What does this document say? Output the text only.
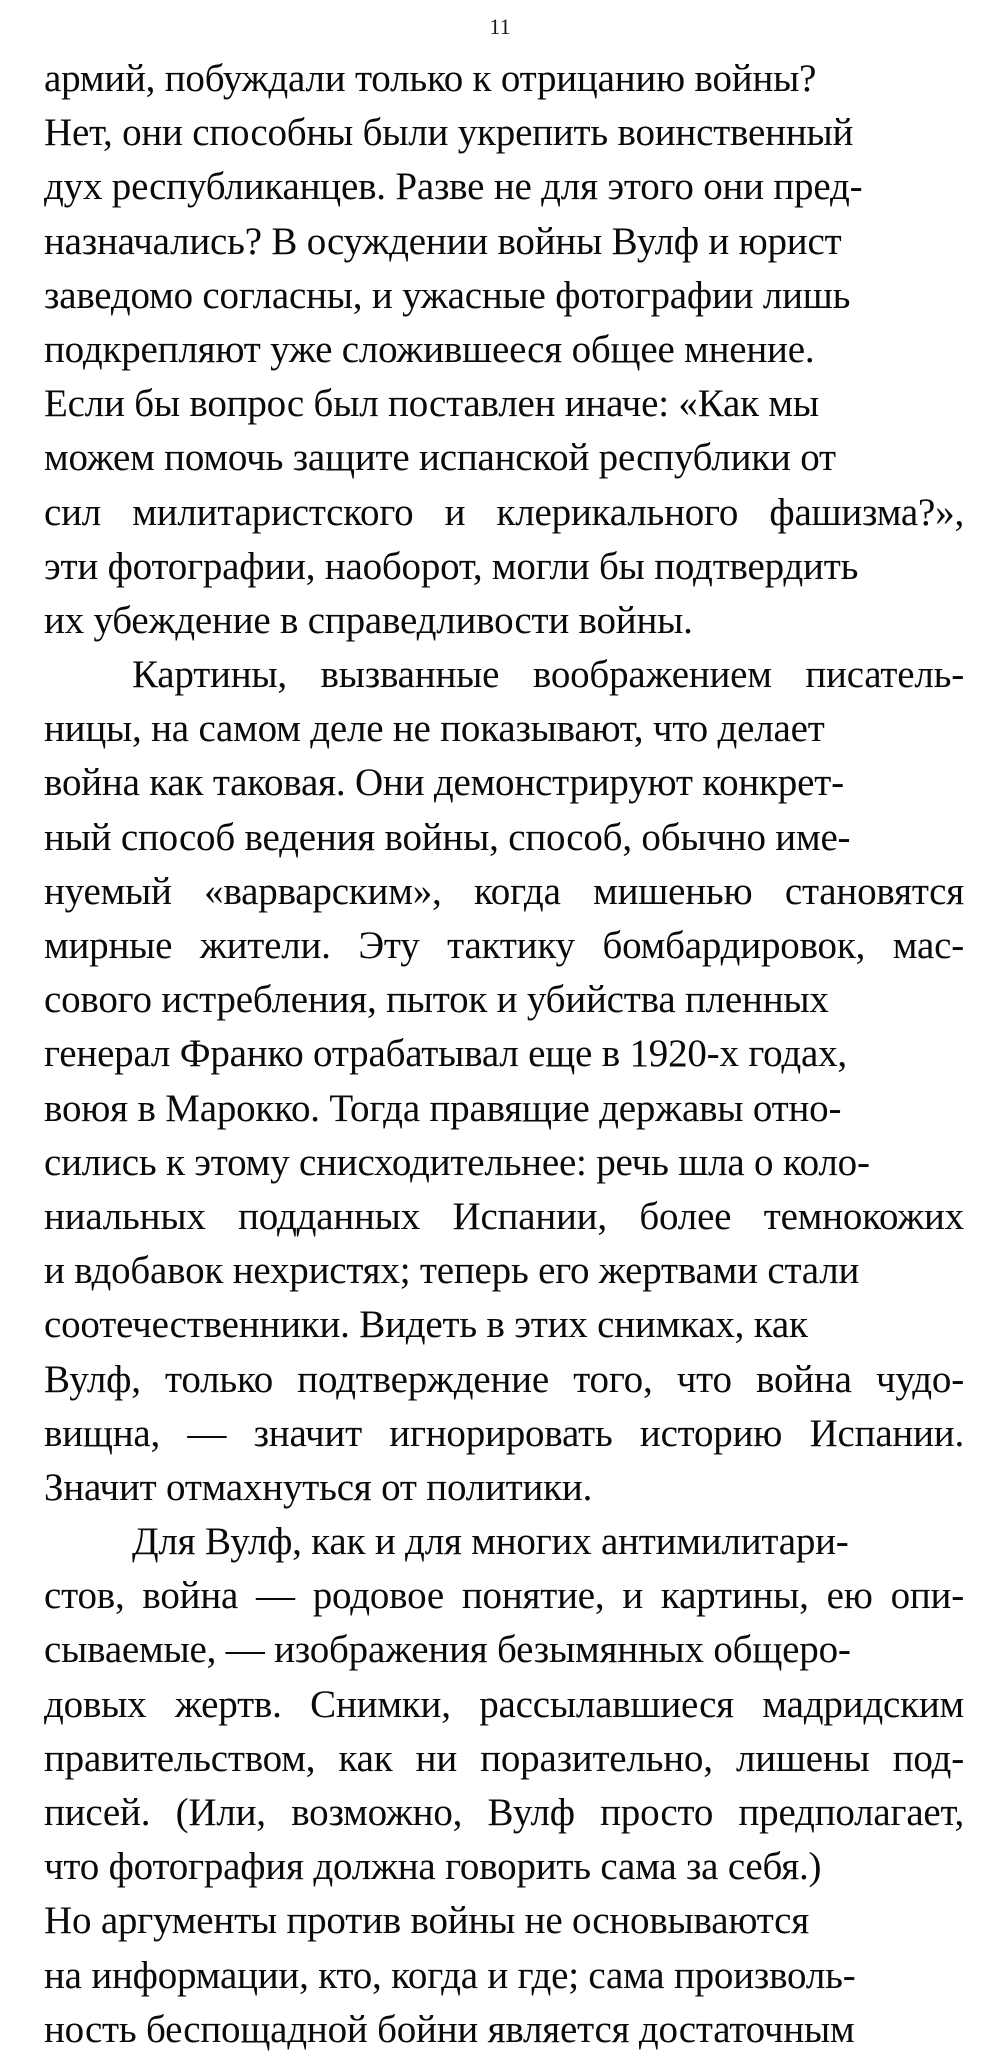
11
армий, побуждали только к отрицанию войны?
Нет, они способны были укрепить воинственный
дух республиканцев. Разве не для этого они пред-
назначались? В осуждении войны Вулф и юрист
заведомо согласны, и ужасные фотографии лишь
подкрепляют уже сложившееся общее мнение.
Если бы вопрос был поставлен иначе: «Как мы
можем помочь защите испанской республики от
сил милитаристского и клерикального фашизма?»,
эти фотографии, наоборот, могли бы подтвердить
их убеждение в справедливости войны.
Картины, вызванные воображением писатель-
ницы, на самом деле не показывают, что делает
война как таковая. Они демонстрируют конкрет-
ный способ ведения войны, способ, обычно име-
нуемый «варварским», когда мишенью становятся
мирные жители. Эту тактику бомбардировок, мас-
сового истребления, пыток и убийства пленных
генерал Франко отрабатывал еще в 1920-х годах,
воюя в Марокко. Тогда правящие державы отно-
сились к этому снисходительнее: речь шла о коло-
ниальных подданных Испании, более темнокожих
и вдобавок нехристях; теперь его жертвами стали
соотечественники. Видеть в этих снимках, как
Вулф, только подтверждение того, что война чудо-
вищна, — значит игнорировать историю Испании.
Значит отмахнуться от политики.
Для Вулф, как и для многих антимилитари-
стов, война — родовое понятие, и картины, ею опи-
сываемые, — изображения безымянных общеро-
довых жертв. Снимки, рассылавшиеся мадридским
правительством, как ни поразительно, лишены под-
писей. (Или, возможно, Вулф просто предполагает,
что фотография должна говорить сама за себя.)
Но аргументы против войны не основываются
на информации, кто, когда и где; сама произволь-
ность беспощадной бойни является достаточным
